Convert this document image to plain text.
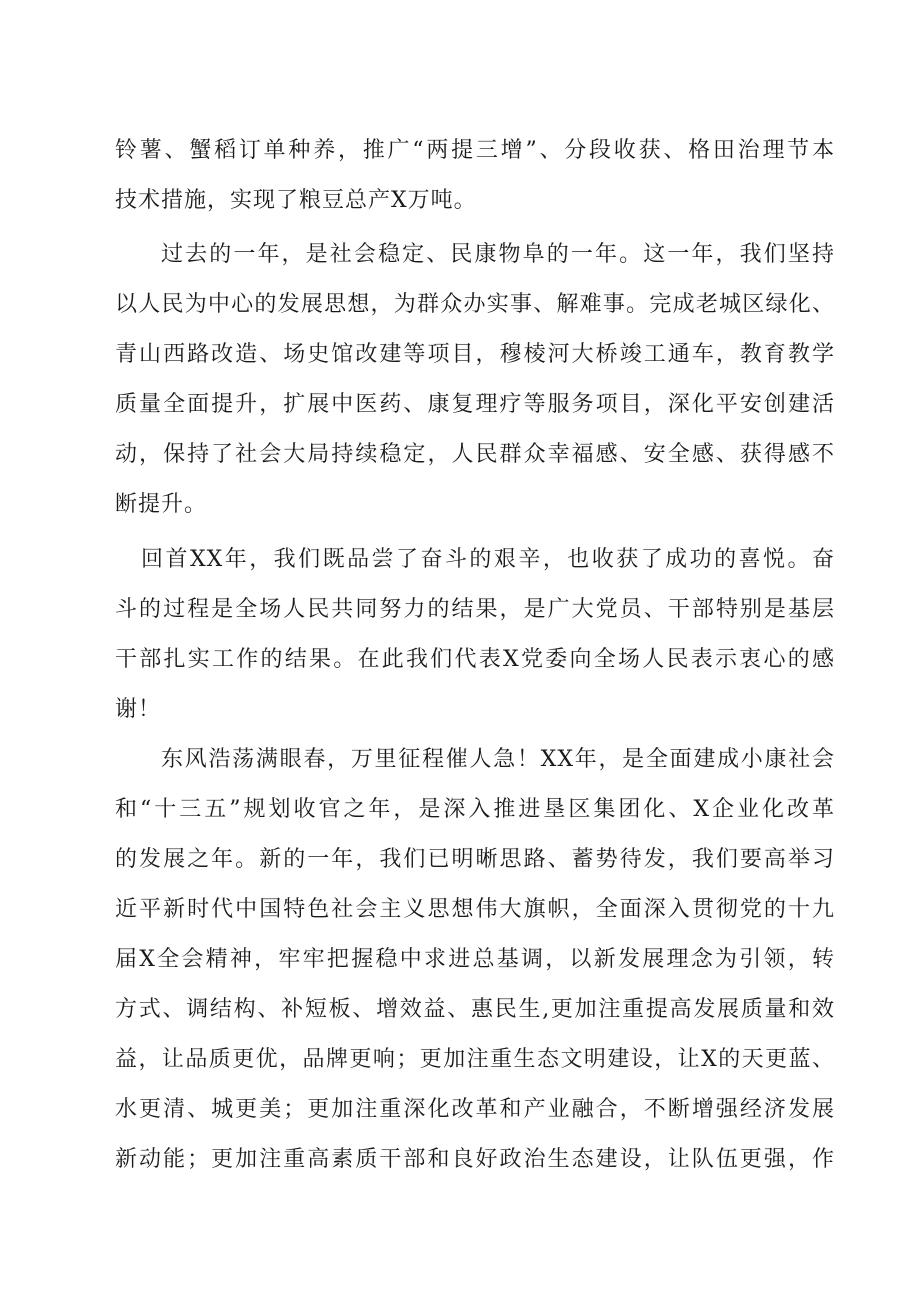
铃薯、蟹稻订单种养，推广“两提三增”、分段收获、格田治理节本
技术措施，实现了粮豆总产X万吨。
过去的一年，是社会稳定、民康物阜的一年。这一年，我们坚持
以人民为中心的发展思想，为群众办实事、解难事。完成老城区绿化、
青山西路改造、场史馆改建等项目，穆棱河大桥竣工通车，教育教学
质量全面提升，扩展中医药、康复理疗等服务项目，深化平安创建活
动，保持了社会大局持续稳定，人民群众幸福感、安全感、获得感不
断提升。
回首XX年，我们既品尝了奋斗的艰辛，也收获了成功的喜悦。奋
斗的过程是全场人民共同努力的结果，是广大党员、干部特别是基层
干部扎实工作的结果。在此我们代表X党委向全场人民表示衷心的感
谢！
东风浩荡满眼春，万里征程催人急！XX年，是全面建成小康社会
和“十三五”规划收官之年，是深入推进垦区集团化、X企业化改革
的发展之年。新的一年，我们已明晰思路、蓄势待发，我们要高举习
近平新时代中国特色社会主义思想伟大旗帜，全面深入贯彻党的十九
届X全会精神，牢牢把握稳中求进总基调，以新发展理念为引领，转
方式、调结构、补短板、增效益、惠民生,更加注重提高发展质量和效
益，让品质更优，品牌更响；更加注重生态文明建设，让X的天更蓝、
水更清、城更美；更加注重深化改革和产业融合，不断增强经济发展
新动能；更加注重高素质干部和良好政治生态建设，让队伍更强，作
